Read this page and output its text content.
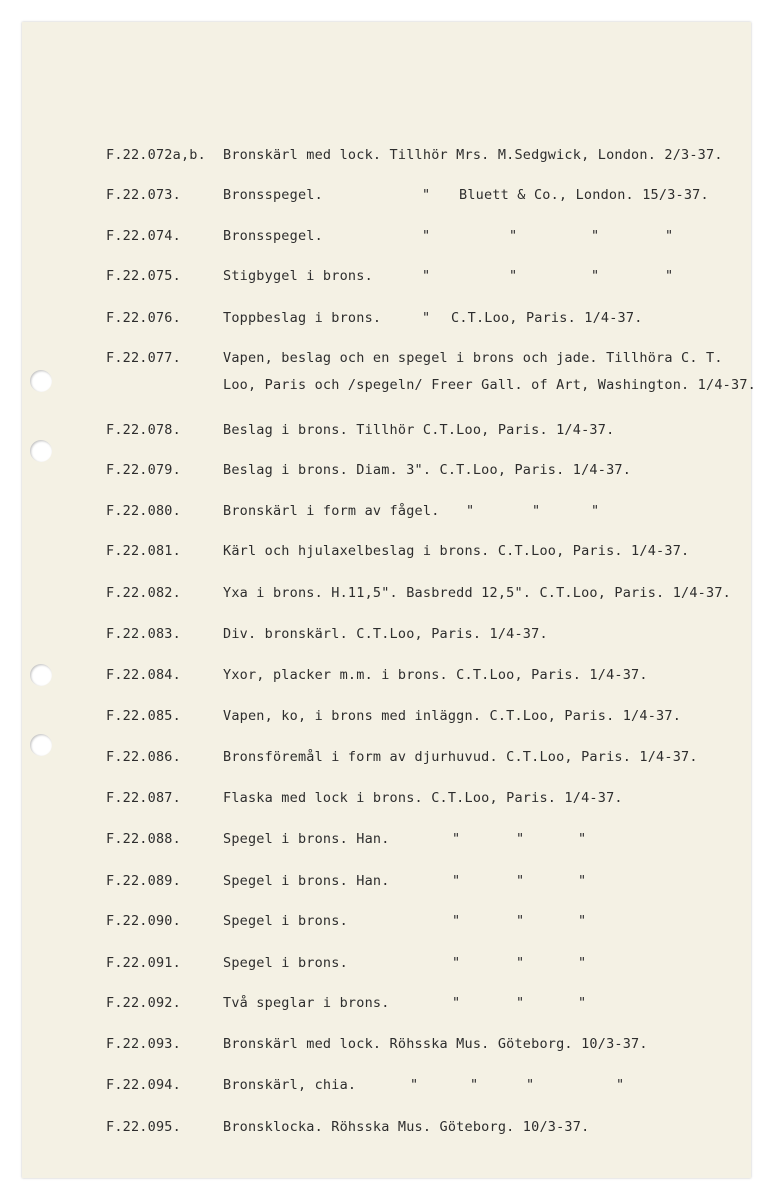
F.22.072a,b. Bronskärl med lock. Tillhör Mrs. M.Sedgwick, London. 2/3-37.
F.22.073.	Bronsspegel.	" Bluett & Co., London. 15/3-37.
F.22.074.	Bronsspegel.	"	"	"	"
F.22.075.	Stigbygel i brons.	"	"	"	"
F.22.076.	Toppbeslag i brons.	" C.T.Loo, Paris. 1/4-37.
F.22.077.	Vapen, beslag och en spegel i brons och jade. Tillhöra C. T.
Loo, Paris och /spegeln/ Freer Gall. of Art, Washington. 1/4-37.
F.22.078.	Beslag i brons. Tillhör C.T.Loo, Paris. 1/4-37.
F.22.079.	Beslag i brons. Diam. 3". C.T.Loo, Paris. 1/4-37.
F.22.080.	Bronskärl i form av fågel. "	"	"
F.22.081.	Kärl och hjulaxelbeslag i brons. C.T.Loo, Paris. 1/4-37.
F.22.082.	Yxa i brons. H.11,5". Basbredd 12,5". C.T.Loo, Paris. 1/4-37.
F.22.083.	Div. bronskärl. C.T.Loo, Paris. 1/4-37.
F.22.084.	Yxor, placker m.m. i brons. C.T.Loo, Paris. 1/4-37.
F.22.085.	Vapen, ko, i brons med inläggn. C.T.Loo, Paris. 1/4-37.
F.22.086.	Bronsföremål i form av djurhuvud. C.T.Loo, Paris. 1/4-37.
F.22.087.	Flaska med lock i brons. C.T.Loo, Paris. 1/4-37.
F.22.088.	Spegel i brons. Han.	"	"	"
F.22.089.	Spegel i brons. Han.	"	"	"
F.22.090.	Spegel i brons.	"	"	"
F.22.091.	Spegel i brons.	"	"	"
F.22.092.	Två speglar i brons.	"	"	"
F.22.093.	Bronskärl med lock. Röhsska Mus. Göteborg. 10/3-37.
F.22.094.	Bronskärl, chia.	"	"	"	"
F.22.095.	Bronsklocka. Röhsska Mus. Göteborg. 10/3-37.
